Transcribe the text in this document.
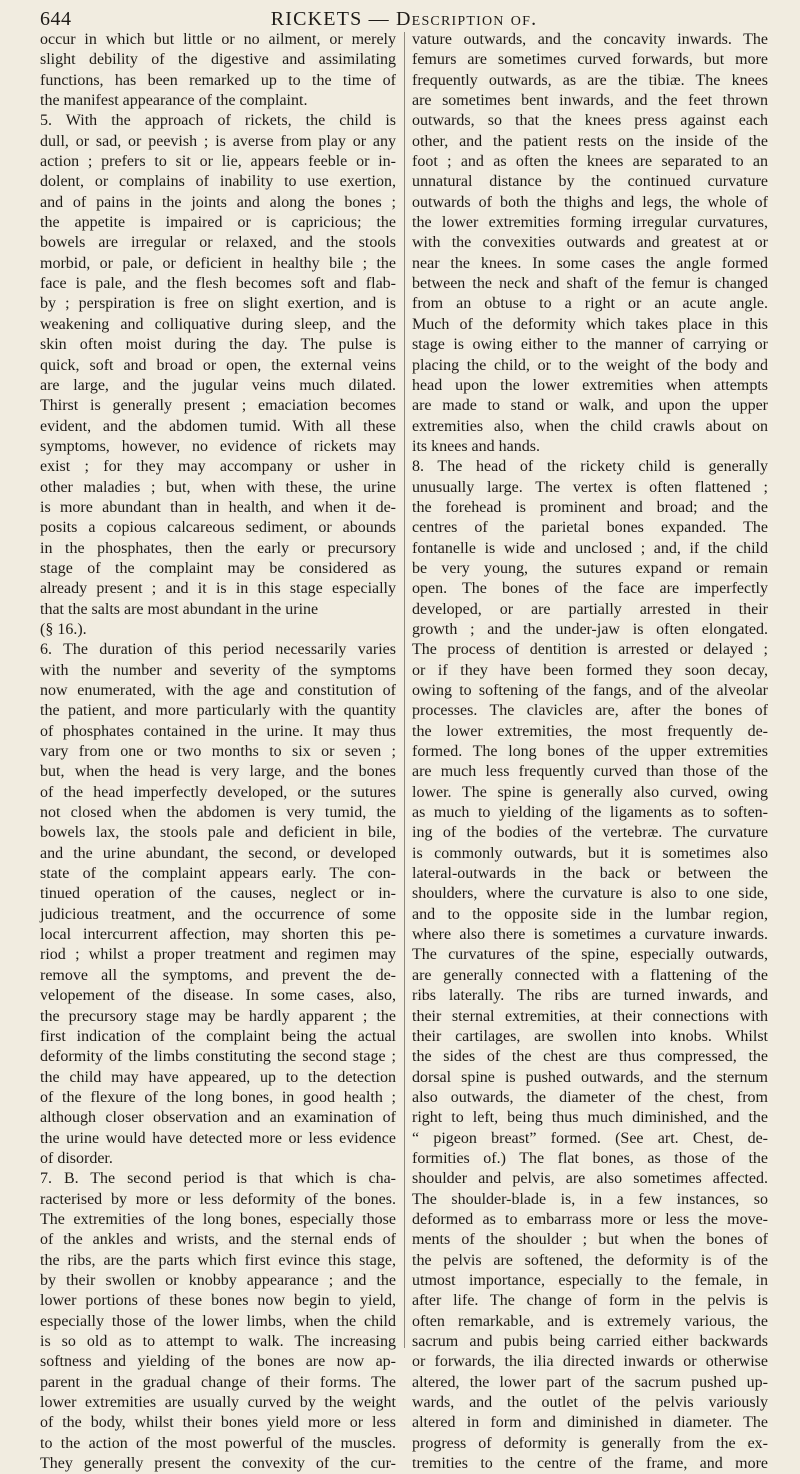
644	RICKETS — Description of.
occur in which but little or no ailment, or merely
slight debility of the digestive and assimilating
functions, has been remarked up to the time of
the manifest appearance of the complaint.
5. With the approach of rickets, the child is
dull, or sad, or peevish ; is averse from play or any
action ; prefers to sit or lie, appears feeble or in-
dolent, or complains of inability to use exertion,
and of pains in the joints and along the bones ;
the appetite is impaired or is capricious; the
bowels are irregular or relaxed, and the stools
morbid, or pale, or deficient in healthy bile ; the
face is pale, and the flesh becomes soft and flab-
by ; perspiration is free on slight exertion, and is
weakening and colliquative during sleep, and the
skin often moist during the day. The pulse is
quick, soft and broad or open, the external veins
are large, and the jugular veins much dilated.
Thirst is generally present ; emaciation becomes
evident, and the abdomen tumid. With all these
symptoms, however, no evidence of rickets may
exist ; for they may accompany or usher in
other maladies ; but, when with these, the urine
is more abundant than in health, and when it de-
posits a copious calcareous sediment, or abounds
in the phosphates, then the early or precursory
stage of the complaint may be considered as
already present ; and it is in this stage especially
that the salts are most abundant in the urine
(§ 16.).
6. The duration of this period necessarily varies
with the number and severity of the symptoms
now enumerated, with the age and constitution of
the patient, and more particularly with the quantity
of phosphates contained in the urine. It may thus
vary from one or two months to six or seven ;
but, when the head is very large, and the bones
of the head imperfectly developed, or the sutures
not closed when the abdomen is very tumid, the
bowels lax, the stools pale and deficient in bile,
and the urine abundant, the second, or developed
state of the complaint appears early. The con-
tinued operation of the causes, neglect or in-
judicious treatment, and the occurrence of some
local intercurrent affection, may shorten this pe-
riod ; whilst a proper treatment and regimen may
remove all the symptoms, and prevent the de-
velopement of the disease. In some cases, also,
the precursory stage may be hardly apparent ; the
first indication of the complaint being the actual
deformity of the limbs constituting the second stage ;
the child may have appeared, up to the detection
of the flexure of the long bones, in good health ;
although closer observation and an examination of
the urine would have detected more or less evidence
of disorder.
7. B. The second period is that which is cha-
racterised by more or less deformity of the bones.
The extremities of the long bones, especially those
of the ankles and wrists, and the sternal ends of
the ribs, are the parts which first evince this stage,
by their swollen or knobby appearance ; and the
lower portions of these bones now begin to yield,
especially those of the lower limbs, when the child
is so old as to attempt to walk. The increasing
softness and yielding of the bones are now ap-
parent in the gradual change of their forms. The
lower extremities are usually curved by the weight
of the body, whilst their bones yield more or less
to the action of the most powerful of the muscles.
They generally present the convexity of the cur-
vature outwards, and the concavity inwards. The
femurs are sometimes curved forwards, but more
frequently outwards, as are the tibiæ. The knees
are sometimes bent inwards, and the feet thrown
outwards, so that the knees press against each
other, and the patient rests on the inside of the
foot ; and as often the knees are separated to an
unnatural distance by the continued curvature
outwards of both the thighs and legs, the whole of
the lower extremities forming irregular curvatures,
with the convexities outwards and greatest at or
near the knees. In some cases the angle formed
between the neck and shaft of the femur is changed
from an obtuse to a right or an acute angle.
Much of the deformity which takes place in this
stage is owing either to the manner of carrying or
placing the child, or to the weight of the body and
head upon the lower extremities when attempts
are made to stand or walk, and upon the upper
extremities also, when the child crawls about on
its knees and hands.
8. The head of the rickety child is generally
unusually large. The vertex is often flattened ;
the forehead is prominent and broad; and the
centres of the parietal bones expanded. The
fontanelle is wide and unclosed ; and, if the child
be very young, the sutures expand or remain
open. The bones of the face are imperfectly
developed, or are partially arrested in their
growth ; and the under-jaw is often elongated.
The process of dentition is arrested or delayed ;
or if they have been formed they soon decay,
owing to softening of the fangs, and of the alveolar
processes. The clavicles are, after the bones of
the lower extremities, the most frequently de-
formed. The long bones of the upper extremities
are much less frequently curved than those of the
lower. The spine is generally also curved, owing
as much to yielding of the ligaments as to soften-
ing of the bodies of the vertebræ. The curvature
is commonly outwards, but it is sometimes also
lateral-outwards in the back or between the
shoulders, where the curvature is also to one side,
and to the opposite side in the lumbar region,
where also there is sometimes a curvature inwards.
The curvatures of the spine, especially outwards,
are generally connected with a flattening of the
ribs laterally. The ribs are turned inwards, and
their sternal extremities, at their connections with
their cartilages, are swollen into knobs. Whilst
the sides of the chest are thus compressed, the
dorsal spine is pushed outwards, and the sternum
also outwards, the diameter of the chest, from
right to left, being thus much diminished, and the
“ pigeon breast” formed. (See art. Chest, de-
formities of.) The flat bones, as those of the
shoulder and pelvis, are also sometimes affected.
The shoulder-blade is, in a few instances, so
deformed as to embarrass more or less the move-
ments of the shoulder ; but when the bones of
the pelvis are softened, the deformity is of the
utmost importance, especially to the female, in
after life. The change of form in the pelvis is
often remarkable, and is extremely various, the
sacrum and pubis being carried either backwards
or forwards, the ilia directed inwards or otherwise
altered, the lower part of the sacrum pushed up-
wards, and the outlet of the pelvis variously
altered in form and diminished in diameter. The
progress of deformity is generally from the ex-
tremities to the centre of the frame, and more
